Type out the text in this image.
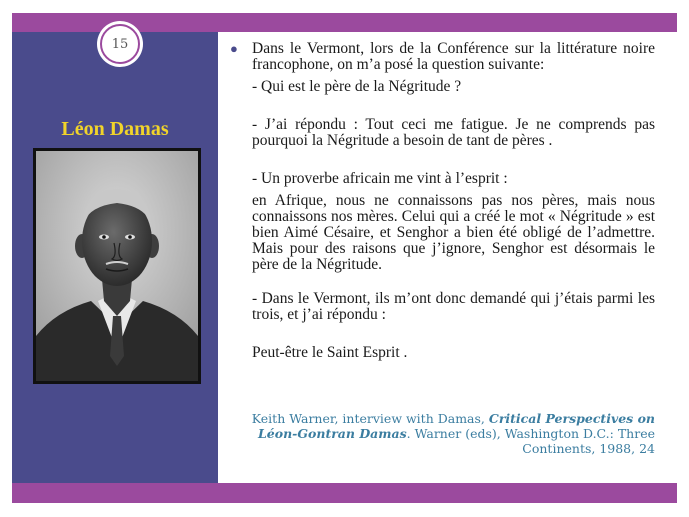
15
Léon Damas
● Dans le Vermont, lors de la Conférence sur la littérature noire francophone, on m’a posé la question suivante:

- Qui est le père de la Négritude ?

- J’ai répondu : Tout ceci me fatigue. Je ne comprends pas pourquoi la Négritude a besoin de tant de pères .

- Un proverbe africain me vint à l’esprit :

en Afrique, nous ne connaissons pas nos pères, mais nous connaissons nos mères. Celui qui a créé le mot « Négritude » est bien Aimé Césaire, et Senghor a bien été obligé de l’admettre. Mais pour des raisons que j’ignore, Senghor est désormais le père de la Négritude.

- Dans le Vermont, ils m’ont donc demandé qui j’étais parmi les trois, et j’ai répondu :

Peut-être le Saint Esprit .

Keith Warner, interview with Damas, Critical Perspectives on Léon-Gontran Damas. Warner (eds), Washington D.C.: Three Continents, 1988, 24
